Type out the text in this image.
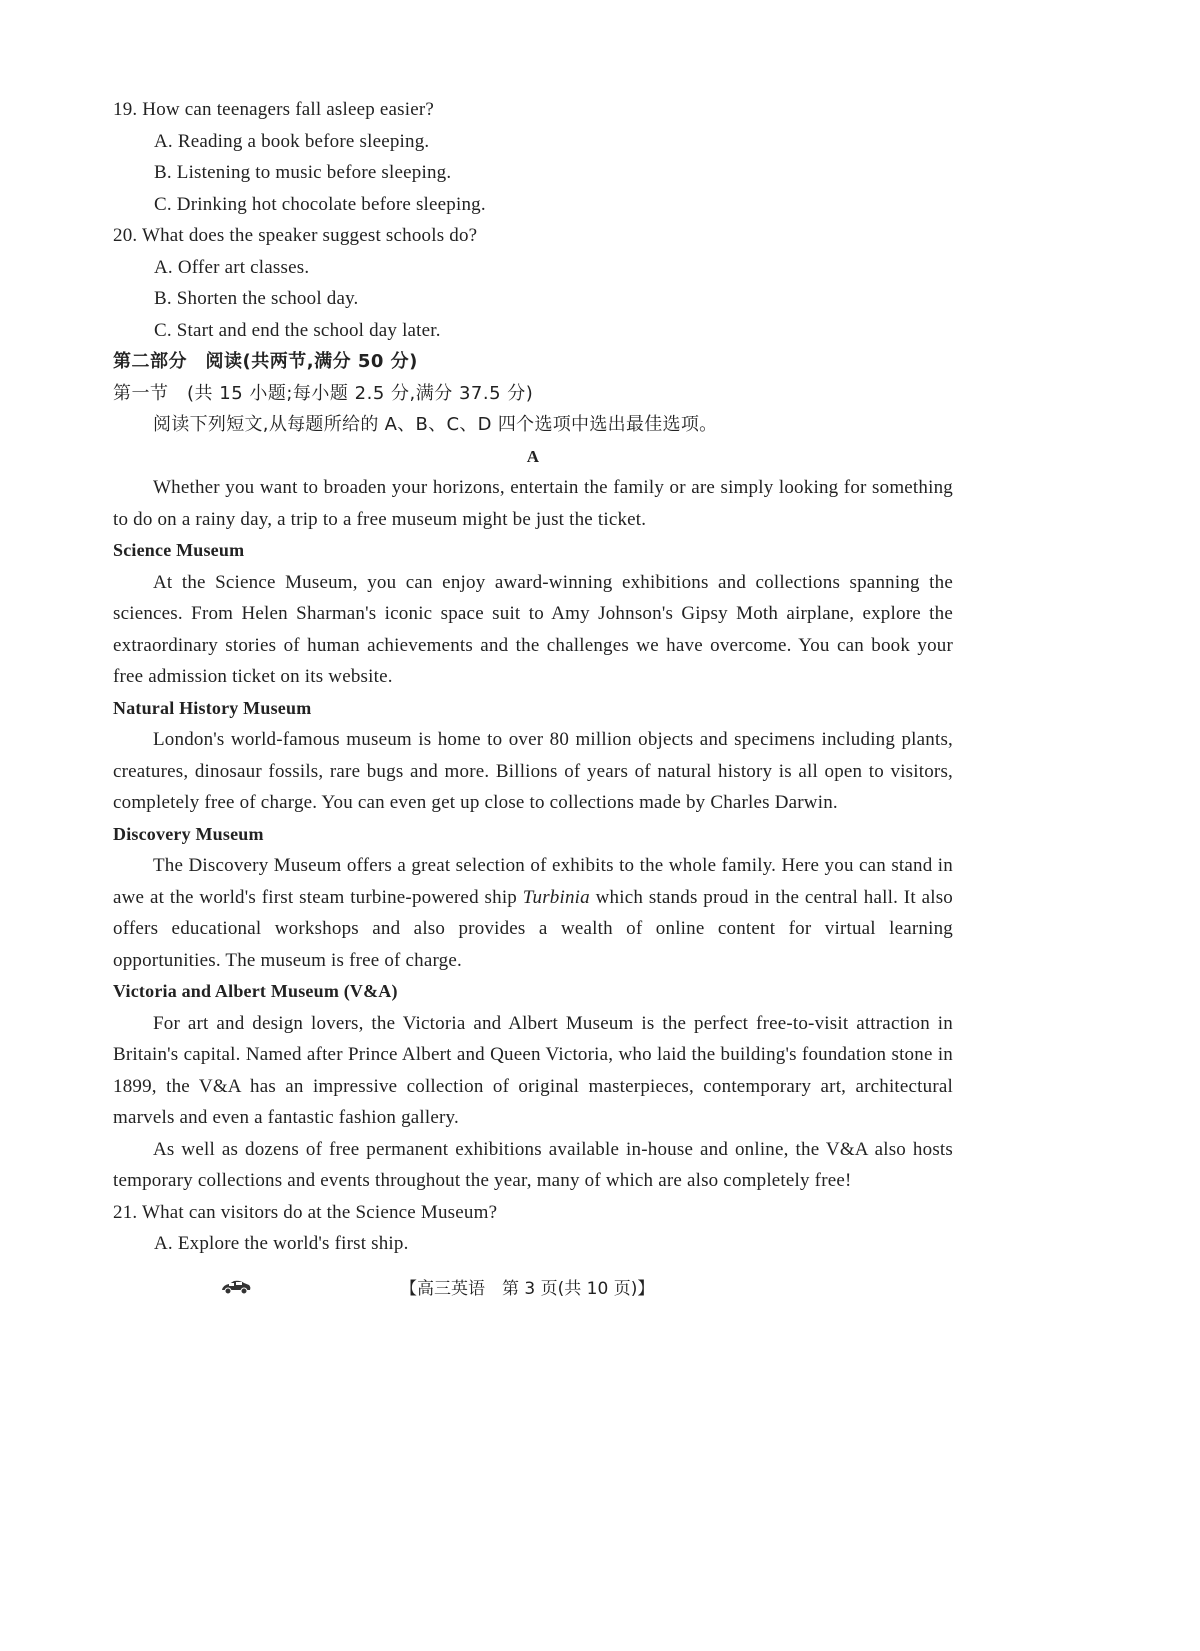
19. How can teenagers fall asleep easier?

A. Reading a book before sleeping.

B. Listening to music before sleeping.

C. Drinking hot chocolate before sleeping.

20. What does the speaker suggest schools do?

A. Offer art classes.

B. Shorten the school day.

C. Start and end the school day later.

第二部分　阅读(共两节,满分 50 分)

第一节　(共 15 小题;每小题 2.5 分,满分 37.5 分)

阅读下列短文,从每题所给的 A、B、C、D 四个选项中选出最佳选项。

A

Whether you want to broaden your horizons, entertain the family or are simply looking for something to do on a rainy day, a trip to a free museum might be just the ticket.

Science Museum

At the Science Museum, you can enjoy award-winning exhibitions and collections spanning the sciences. From Helen Sharman's iconic space suit to Amy Johnson's Gipsy Moth airplane, explore the extraordinary stories of human achievements and the challenges we have overcome. You can book your free admission ticket on its website.

Natural History Museum

London's world-famous museum is home to over 80 million objects and specimens including plants, creatures, dinosaur fossils, rare bugs and more. Billions of years of natural history is all open to visitors, completely free of charge. You can even get up close to collections made by Charles Darwin.

Discovery Museum

The Discovery Museum offers a great selection of exhibits to the whole family. Here you can stand in awe at the world's first steam turbine-powered ship Turbinia which stands proud in the central hall. It also offers educational workshops and also provides a wealth of online content for virtual learning opportunities. The museum is free of charge.

Victoria and Albert Museum (V&A)

For art and design lovers, the Victoria and Albert Museum is the perfect free-to-visit attraction in Britain's capital. Named after Prince Albert and Queen Victoria, who laid the building's foundation stone in 1899, the V&A has an impressive collection of original masterpieces, contemporary art, architectural marvels and even a fantastic fashion gallery.

As well as dozens of free permanent exhibitions available in-house and online, the V&A also hosts temporary collections and events throughout the year, many of which are also completely free!

21. What can visitors do at the Science Museum?

A. Explore the world's first ship.

【高三英语　第 3 页(共 10 页)】
